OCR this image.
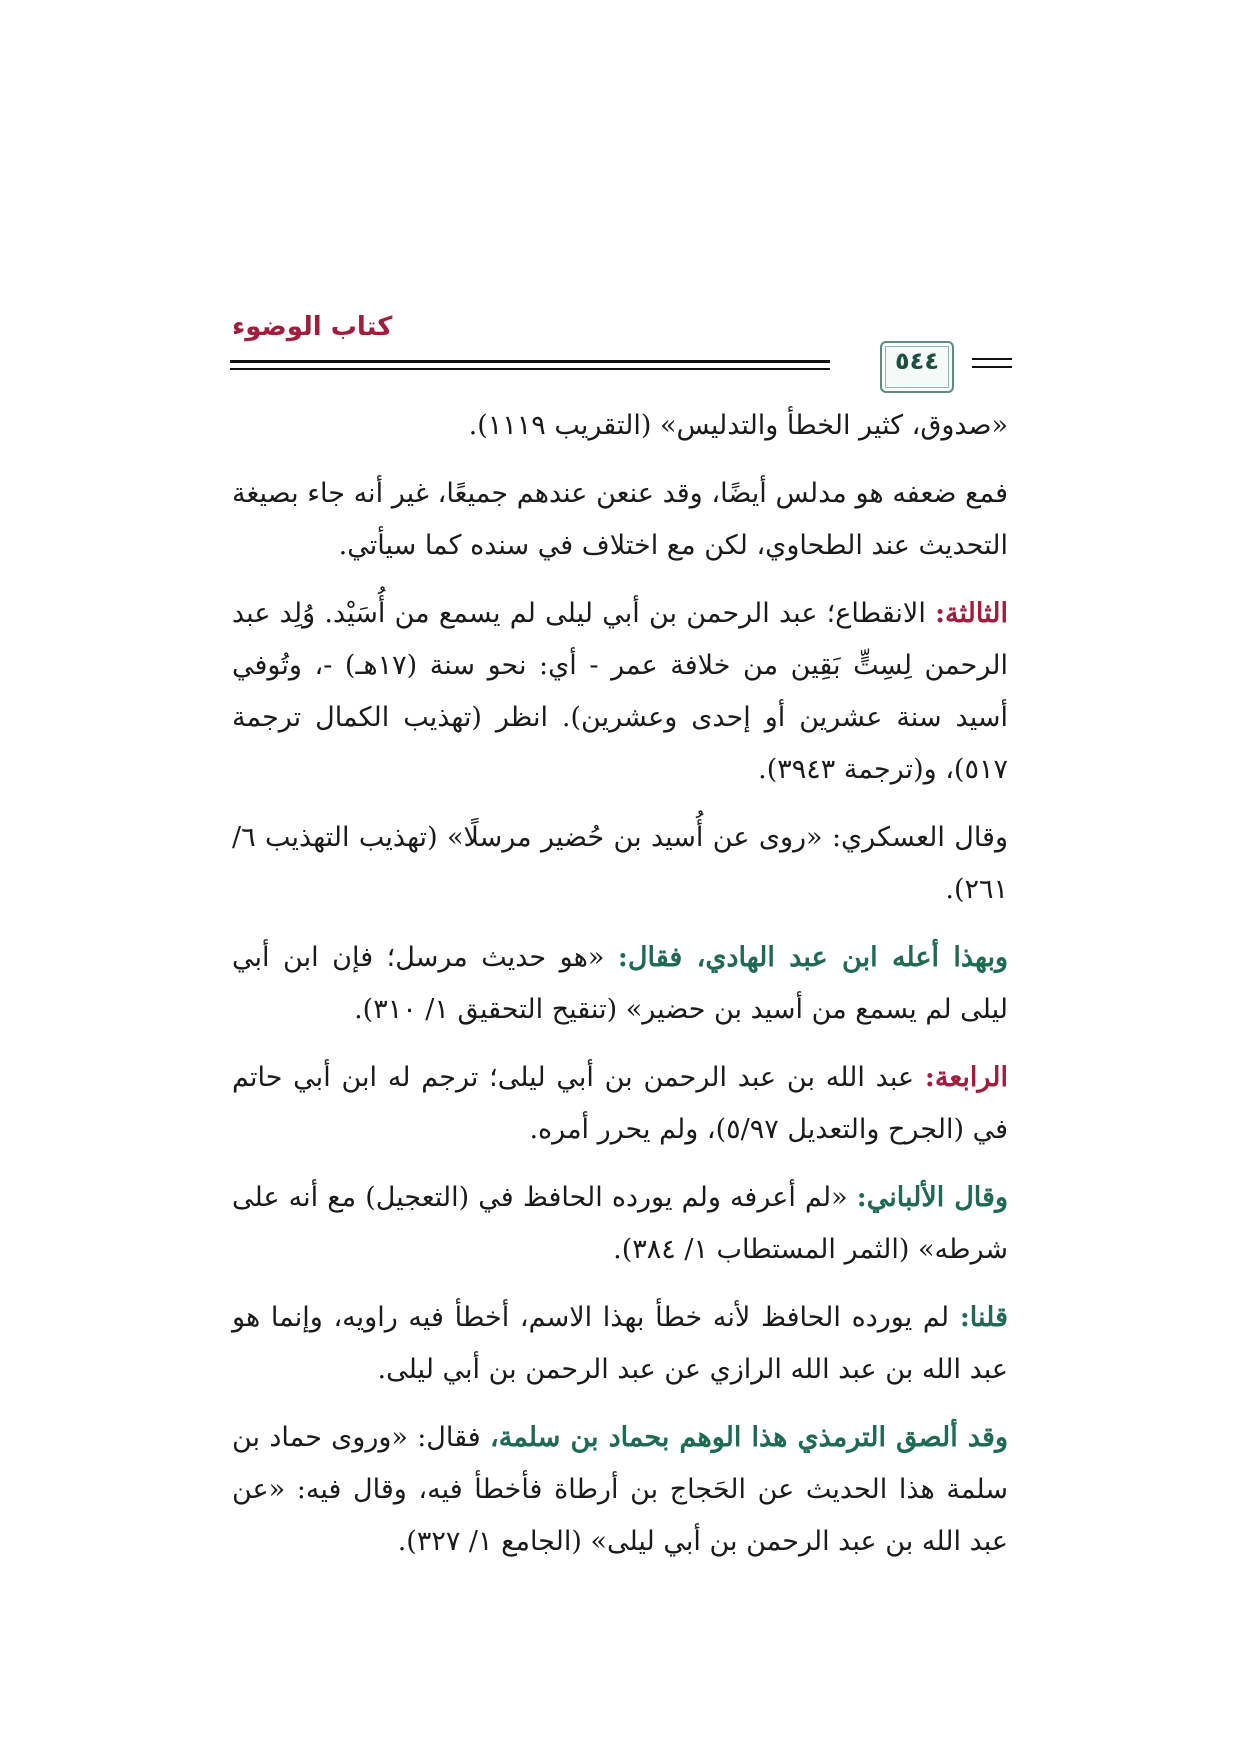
كتاب الوضوء
٥٤٤

«صدوق، كثير الخطأ والتدليس» (التقريب ١١١٩).

فمع ضعفه هو مدلس أيضًا، وقد عنعن عندهم جميعًا، غير أنه جاء بصيغة التحديث عند الطحاوي، لكن مع اختلاف في سنده كما سيأتي.

الثالثة: الانقطاع؛ عبد الرحمن بن أبي ليلى لم يسمع من أُسَيْد. وُلِد عبد الرحمن لِسِتٍّ بَقِين من خلافة عمر - أي: نحو سنة (١٧هـ) -، وتُوفي أسيد سنة عشرين أو إحدى وعشرين). انظر (تهذيب الكمال ترجمة ٥١٧)، و(ترجمة ٣٩٤٣).

وقال العسكري: «روى عن أُسيد بن حُضير مرسلًا» (تهذيب التهذيب ٦/ ٢٦١).

وبهذا أعله ابن عبد الهادي، فقال: «هو حديث مرسل؛ فإن ابن أبي ليلى لم يسمع من أسيد بن حضير» (تنقيح التحقيق ١/ ٣١٠).

الرابعة: عبد الله بن عبد الرحمن بن أبي ليلى؛ ترجم له ابن أبي حاتم في (الجرح والتعديل ٥/٩٧)، ولم يحرر أمره.

وقال الألباني: «لم أعرفه ولم يورده الحافظ في (التعجيل) مع أنه على شرطه» (الثمر المستطاب ١/ ٣٨٤).

قلنا: لم يورده الحافظ لأنه خطأ بهذا الاسم، أخطأ فيه راويه، وإنما هو عبد الله بن عبد الله الرازي عن عبد الرحمن بن أبي ليلى.

وقد ألصق الترمذي هذا الوهم بحماد بن سلمة، فقال: «وروى حماد بن سلمة هذا الحديث عن الحَجاج بن أرطاة فأخطأ فيه، وقال فيه: «عن عبد الله بن عبد الرحمن بن أبي ليلى» (الجامع ١/ ٣٢٧).
